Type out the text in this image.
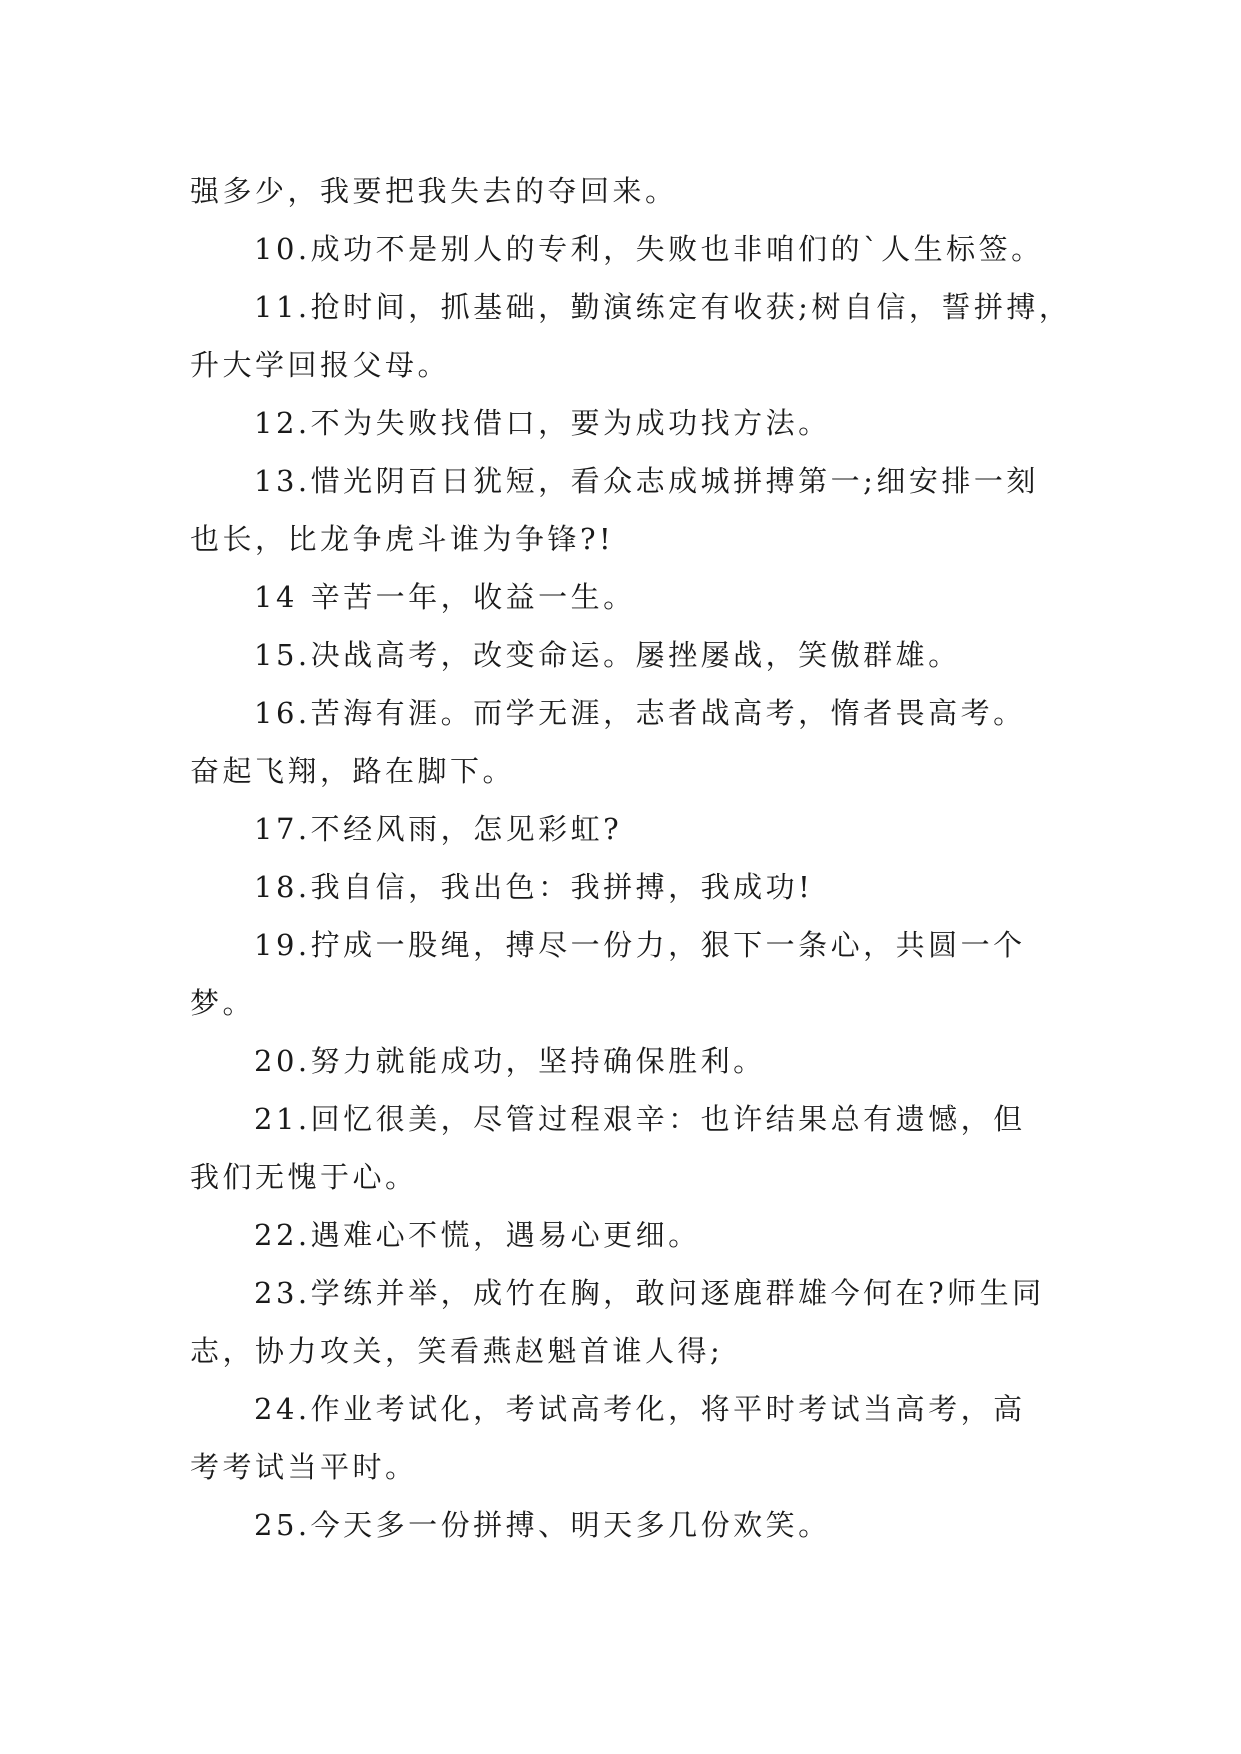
强多少，我要把我失去的夺回来。

10.成功不是别人的专利，失败也非咱们的`人生标签。

11.抢时间，抓基础，勤演练定有收获;树自信，誓拼搏，

升大学回报父母。

12.不为失败找借口，要为成功找方法。

13.惜光阴百日犹短，看众志成城拼搏第一;细安排一刻

也长，比龙争虎斗谁为争锋?!

14 辛苦一年，收益一生。

15.决战高考，改变命运。屡挫屡战，笑傲群雄。

16.苦海有涯。而学无涯，志者战高考，惰者畏高考。

奋起飞翔，路在脚下。

17.不经风雨，怎见彩虹?

18.我自信，我出色：我拼搏，我成功!

19.拧成一股绳，搏尽一份力，狠下一条心，共圆一个

梦。

20.努力就能成功，坚持确保胜利。

21.回忆很美，尽管过程艰辛：也许结果总有遗憾，但

我们无愧于心。

22.遇难心不慌，遇易心更细。

23.学练并举，成竹在胸，敢问逐鹿群雄今何在?师生同

志，协力攻关，笑看燕赵魁首谁人得;

24.作业考试化，考试高考化，将平时考试当高考，高

考考试当平时。

25.今天多一份拼搏、明天多几份欢笑。
